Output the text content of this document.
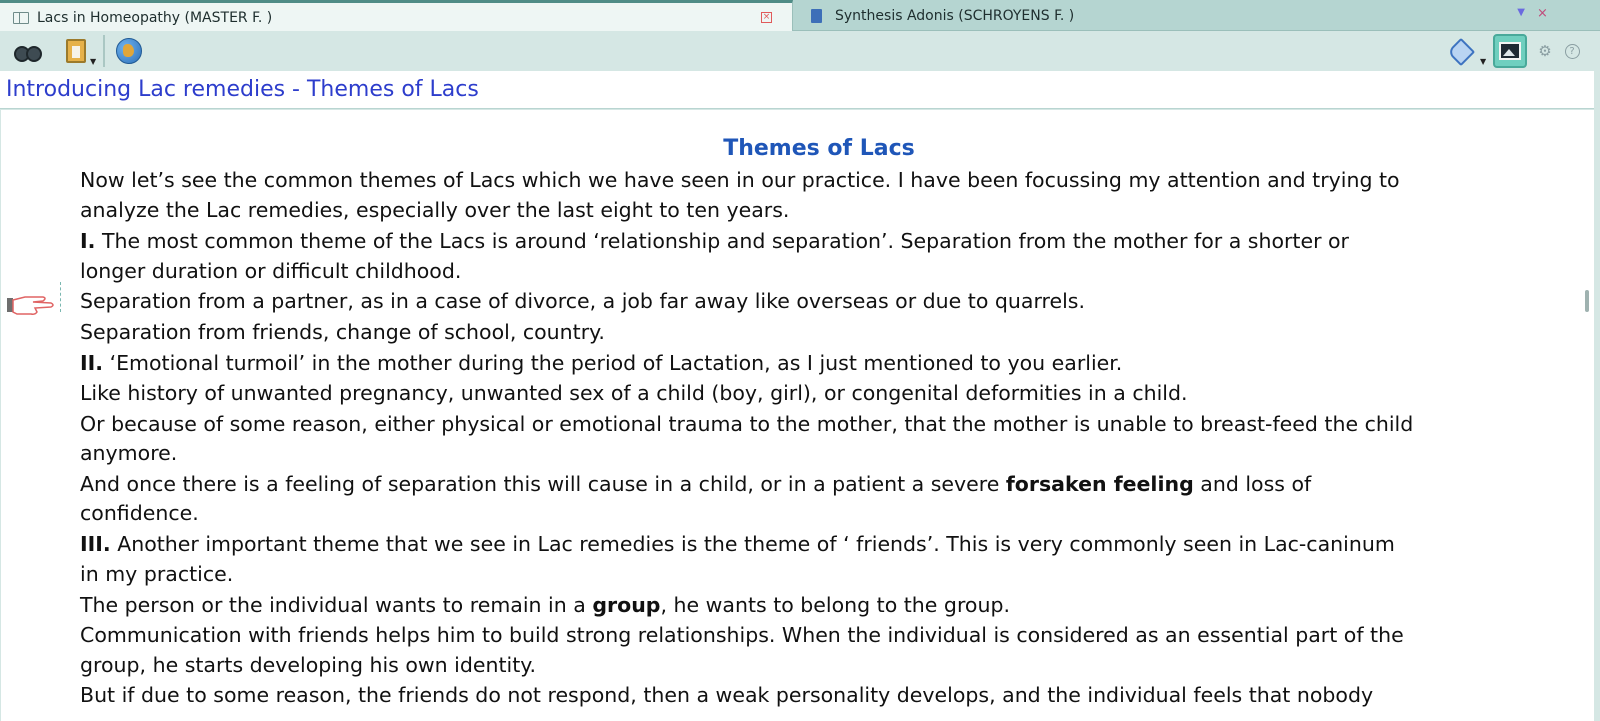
Lacs in Homeopathy (MASTER F. )	×	Synthesis Adonis (SCHROYENS F. )	▼ ×
▼	▼
⚙	?
Introducing Lac remedies - Themes of Lacs
Themes of Lacs
Now let’s see the common themes of Lacs which we have seen in our practice. I have been focussing my attention and trying to
analyze the Lac remedies, especially over the last eight to ten years.
I. The most common theme of the Lacs is around ‘relationship and separation’. Separation from the mother for a shorter or
longer duration or difficult childhood.
Separation from a partner, as in a case of divorce, a job far away like overseas or due to quarrels.
Separation from friends, change of school, country.
II. ‘Emotional turmoil’ in the mother during the period of Lactation, as I just mentioned to you earlier.
Like history of unwanted pregnancy, unwanted sex of a child (boy, girl), or congenital deformities in a child.
Or because of some reason, either physical or emotional trauma to the mother, that the mother is unable to breast-feed the child
anymore.
And once there is a feeling of separation this will cause in a child, or in a patient a severe forsaken feeling and loss of
confidence.
III. Another important theme that we see in Lac remedies is the theme of ‘ friends’. This is very commonly seen in Lac-caninum
in my practice.
The person or the individual wants to remain in a group, he wants to belong to the group.
Communication with friends helps him to build strong relationships. When the individual is considered as an essential part of the
group, he starts developing his own identity.
But if due to some reason, the friends do not respond, then a weak personality develops, and the individual feels that nobody
